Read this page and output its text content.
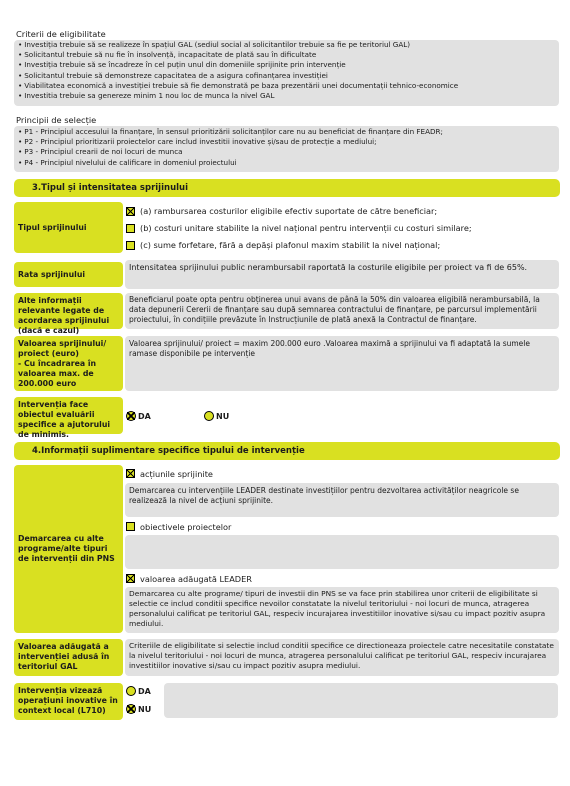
Criterii de eligibilitate
• Investiția trebuie să se realizeze în spațiul GAL (sediul social al solicitantilor trebuie sa fie pe teritoriul GAL)
• Solicitantul trebuie să nu fie în insolvență, incapacitate de plată sau în dificultate
• Investiția trebuie să se încadreze în cel puțin unul din domeniile sprijinite prin intervenție
• Solicitantul trebuie să demonstreze capacitatea de a asigura cofinanțarea investiției
• Viabilitatea economică a investiției trebuie să fie demonstrată pe baza prezentării unei documentații tehnico-economice
• Investitia trebuie sa genereze minim 1 nou loc de munca la nivel GAL
Principii de selecție
• P1 - Principiul accesului la finanțare, în sensul prioritizării solicitanților care nu au beneficiat de finanțare din FEADR;
• P2 - Principiul prioritizarii proiectelor care includ investitii inovative și/sau de protecție a mediului;
• P3 - Principiul crearii de noi locuri de munca
• P4 - Principiul nivelului de calificare in domeniul proiectului
3.Tipul și intensitatea sprijinului
Tipul sprijinului
(a) rambursarea costurilor eligibile efectiv suportate de către beneficiar;
(b) costuri unitare stabilite la nivel național pentru intervenții cu costuri similare;
(c) sume forfetare, fără a depăși plafonul maxim stabilit la nivel național;
Rata sprijinului
Intensitatea sprijinului public nerambursabil raportată la costurile eligibile per proiect va fi de 65%.
Alte informații relevante legate de acordarea sprijinului (dacă e cazul)
Beneficiarul poate opta pentru obținerea unui avans de până la 50% din valoarea eligibilă nerambursabilă, la data depunerii Cererii de finanțare sau după semnarea contractului de finanțare, pe parcursul implementării proiectului, în condițiile prevăzute în Instrucțiunile de plată anexă la Contractul de finanțare.
Valoarea sprijinului/ proiect (euro)
- Cu încadrarea în valoarea max. de 200.000 euro
Valoarea sprijinului/ proiect = maxim 200.000 euro .Valoarea maximă a sprijinului va fi adaptată la sumele ramase disponibile pe intervenție
Intervenția face obiectul evaluării specifice a ajutorului de minimis.
DA	NU
4.Informații suplimentare specifice tipului de intervenție
Demarcarea cu alte programe/alte tipuri de intervenții din PNS
acțiunile sprijinite
Demarcarea cu intervențiile LEADER destinate investițiilor pentru dezvoltarea activităților neagricole se realizează la nivel de acțiuni sprijinite.
obiectivele proiectelor
valoarea adăugată LEADER
Demarcarea cu alte programe/ tipuri de investii din PNS se va face prin stabilirea unor criterii de eligibilitate si selectie ce includ conditii specifice nevoilor constatate la nivelul teritoriului - noi locuri de munca, atragerea personalului calificat pe teritoriul GAL, respeciv incurajarea investitiilor inovative si/sau cu impact pozitiv asupra mediului.
Valoarea adăugată a intervenției adusă în teritoriul GAL
Criteriile de eligibilitate si selectie includ conditii specifice ce directioneaza proiectele catre necesitatile constatate la nivelul teritoriului - noi locuri de munca, atragerea personalului calificat pe teritoriul GAL, respeciv incurajarea investitiilor inovative si/sau cu impact pozitiv asupra mediului.
Intervenția vizează operațiuni inovative în context local (L710)
DA
NU
